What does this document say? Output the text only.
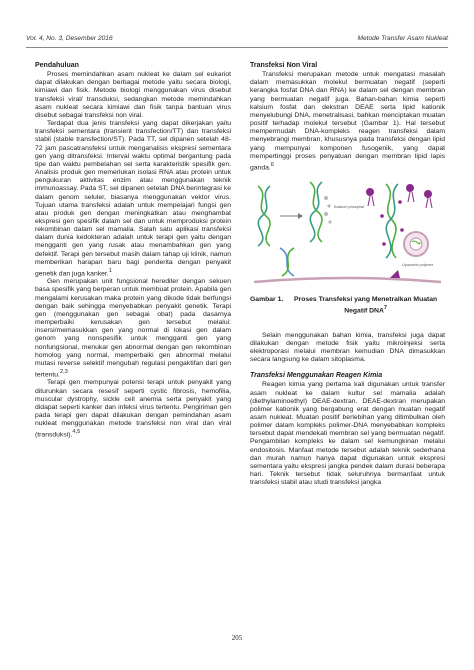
Vol. 4, No. 3, Desember 2016	Metode Transfer Asam Nukleat
Pendahuluan

Proses memindahkan asam nukleat ke dalam sel eukariot dapat dilakukan dengan berbagai metode yaitu secara biologi, kimiawi dan fisik. Metode biologi menggunakan virus disebut transfeksi viral/ transduksi, sedangkan metode memindahkan asam nukleat secara kimiawi dan fisik tanpa bantuan virus disebut sebagai transfeksi non viral.

Terdapat dua jenis transfeksi yang dapat dikerjakan yaitu transfeksi sementara (transient transfection/TT) dan transfeksi stabil (stable transfection/ST). Pada TT, sel dipanen setelah 48-72 jam pascatransfeksi untuk menganalisis ekspresi sementara gen yang ditransfeksi. Interval waktu optimal bergantung pada tipe dan waktu pembelahan sel serta karakteristik spesifik gen. Analisis produk gen memerlukan isolasi RNA atau protein untuk pengukuran aktivitas enzim atau menggunakan teknik immunoassay. Pada ST, sel dipanen setelah DNA berintegrasi ke dalam genom seluler, biasanya menggunakan vektor virus. Tujuan utama transfeksi adalah untuk mempelajari fungsi gen atau produk gen dengan meningkatkan atau menghambat ekspresi gen spesifik dalam sel dan untuk memproduksi protein rekombinan dalam sel mamalia. Salah satu aplikasi transfeksi dalam dunia kedokteran adalah untuk terapi gen yaitu dengan mengganti gen yang rusak atau menambahkan gen yang defektif. Terapi gen tersebut masih dalam tahap uji klinik, namun memberikan harapan baru bagi penderita dengan penyakit genetik dan juga kanker.$^1$

Gen merupakan unit fungsional herediter dengan sekuen basa spesifik yang berperan untuk membuat protein. Apabila gen mengalami kerusakan maka protein yang dikode tidak berfungsi dengan baik sehingga menyebabkan penyakit genetik. Terapi gen (menggunakan gen sebagai obat) pada dasarnya memperbaiki kerusakan gen tersebut melalui: insersi/memasukkan gen yang normal di lokasi gen dalam genom yang nonspesifik untuk mengganti gen yang nonfungsional, menukar gen abnormal dengan gen rekombinan homolog yang normal, memperbaiki gen abnormal melalui mutasi reverse selektif mengubah regulasi pengaktifan dari gen tertentu.$^{2,3}$

Terapi gen mempunyai potensi terapi untuk penyakit yang diturunkan secara resesif seperti cystic fibrosis, hemofilia, muscular dystrophy, sickle cell anemia serta penyakit yang didapat seperti kanker dan infeksi virus tertentu. Pengiriman gen pada terapi gen dapat dilakukan dengan pemindahan asam nukleat menggunakan metode transfeksi non viral dan viral (transduksi).$^{4,5}$

Transfeksi Non Viral

Transfeksi merupakan metode untuk mengatasi masalah dalam memasukkan molekul bermuatan negatif (seperti kerangka fosfat DNA dan RNA) ke dalam sel dengan membran yang bermuatan negatif juga. Bahan-bahan kimia seperti kalsium fosfat dan dekstran DEAE serta lipid kationik menyelubungi DNA, menetralisasi, bahkan menciptakan muatan positif terhadap molekul tersebut (Gambar 1). Hal tersebut mempermudah DNA-kompleks reagen transfeksi dalam menyebrangi membran, khususnya pada transfeksi dengan lipid yang mempunyai komponen fusogenik, yang dapat mempertinggi proses penyatuan dengan membran lipid lapis ganda.$^6$

Kalsium phosphat
Liposome polymer
Gambar 1.	Proses Transfeksi yang Menetralkan Muatan Negatif DNA$^7$

Selain menggunakan bahan kimia, transfeksi juga dapat dilakukan dengan metode fisik yaitu mikroinjeksi serta elektroporasi melalui membran kemudian DNA dimasukkan secara langsung ke dalam sitoplasma.

Transfeksi Menggunakan Reagen Kimia

Reagen kimia yang pertama kali digunakan untuk transfer asam nukleat ke dalam kultur sel mamalia adalah (diethylaminoethyl) DEAE-dextran. DEAE-dextran merupakan polimer kationik yang bergabung erat dengan muatan negatif asam nukleat. Muatan positif berlebihan yang ditimbulkan oleh polimer dalam kompleks polimer-DNA menyebabkan kompleks tersebut dapat mendekati membran sel yang bermuatan negatif. Pengambilan kompleks ke dalam sel kemungkinan melalui endositosis. Manfaat metode tersebut adalah teknik sederhana dan murah namun hanya dapat digunakan untuk ekspresi sementara yaitu ekspresi jangka pendek dalam durasi beberapa hari. Teknik tersebut tidak seluruhnya bermanfaat untuk transfeksi stabil atau studi transfeksi jangka

205
